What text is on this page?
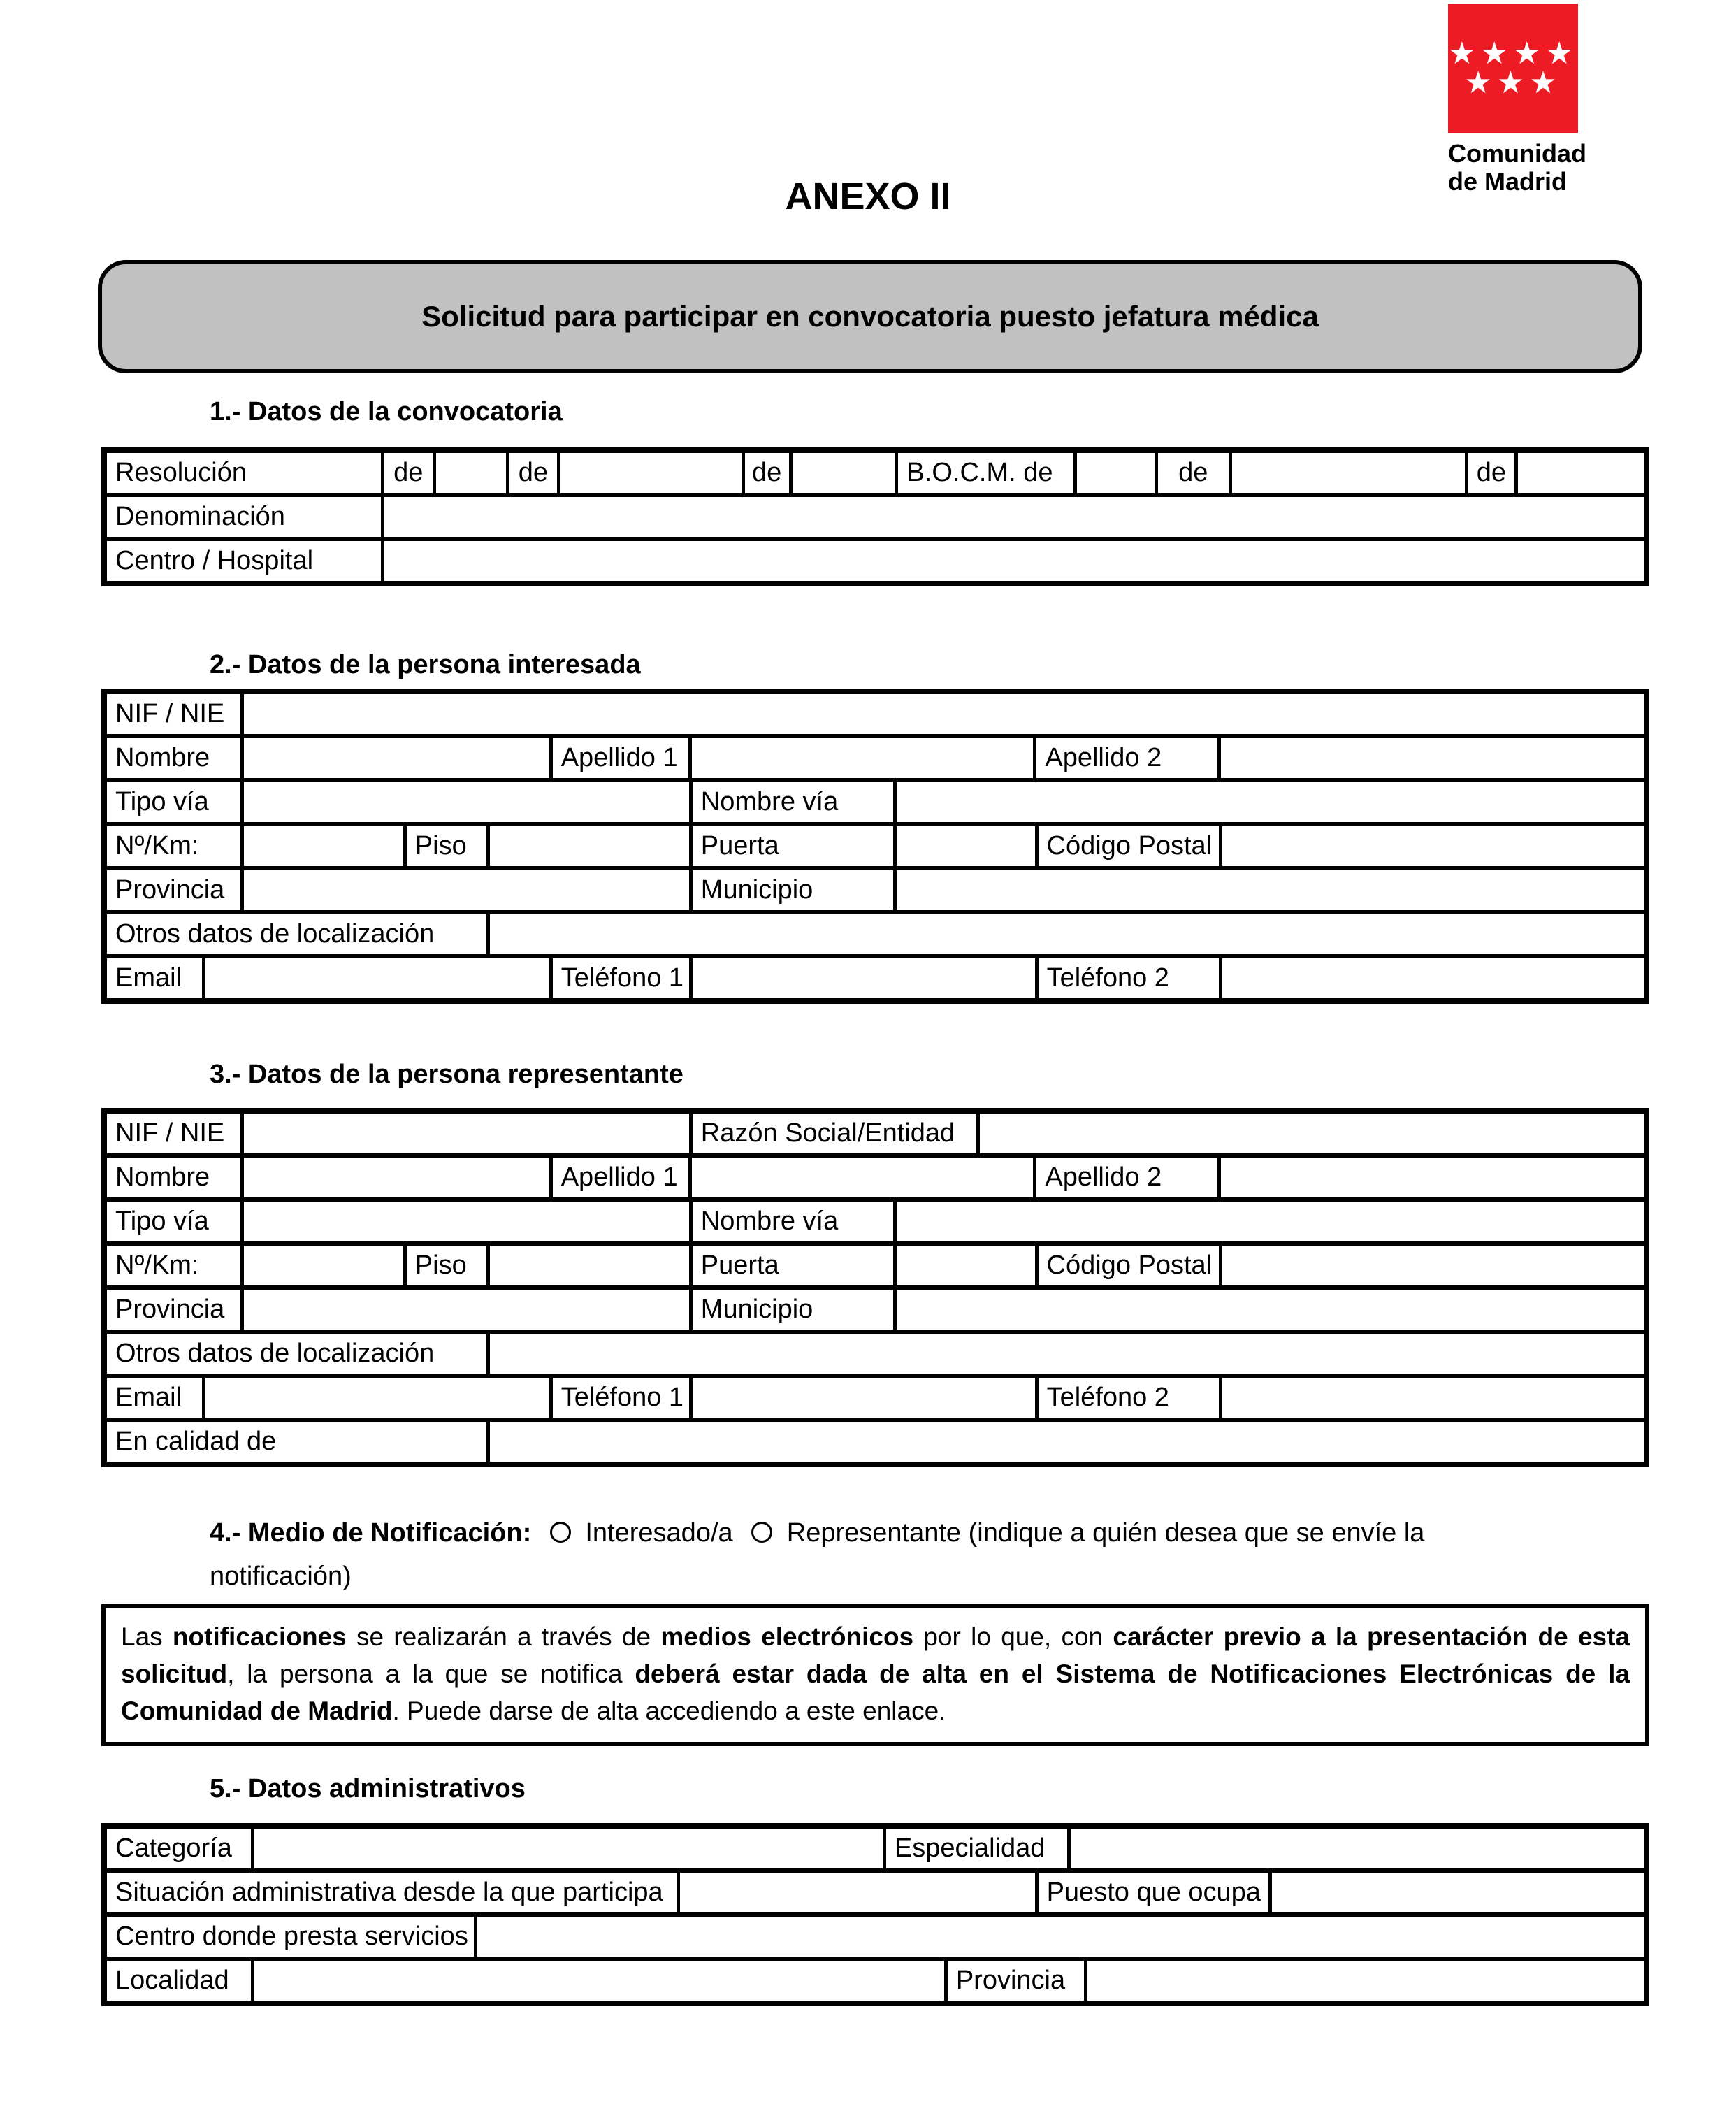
★★★★
★★★
Comunidad
de Madrid
ANEXO II
Solicitud para participar en convocatoria puesto jefatura médica
1.- Datos de la convocatoria
Resolución	de	de	de	B.O.C.M. de	de	de
Denominación
Centro / Hospital
2.- Datos de la persona interesada
NIF / NIE
Nombre	Apellido 1	Apellido 2
Tipo vía	Nombre vía
Nº/Km:	Piso	Puerta	Código Postal
Provincia	Municipio
Otros datos de localización
Email	Teléfono 1	Teléfono 2
3.- Datos de la persona representante
NIF / NIE	Razón Social/Entidad
Nombre	Apellido 1	Apellido 2
Tipo vía	Nombre vía
Nº/Km:	Piso	Puerta	Código Postal
Provincia	Municipio
Otros datos de localización
Email	Teléfono 1	Teléfono 2
En calidad de
4.- Medio de Notificación: Interesado/a Representante (indique a quién desea que se envíe la
notificación)
Las notificaciones se realizarán a través de medios electrónicos por lo que, con carácter previo a la presentación de esta solicitud, la persona a la que se notifica deberá estar dada de alta en el Sistema de Notificaciones Electrónicas de la Comunidad de Madrid. Puede darse de alta accediendo a este enlace.
5.- Datos administrativos
Categoría	Especialidad
Situación administrativa desde la que participa	Puesto que ocupa
Centro donde presta servicios
Localidad	Provincia
